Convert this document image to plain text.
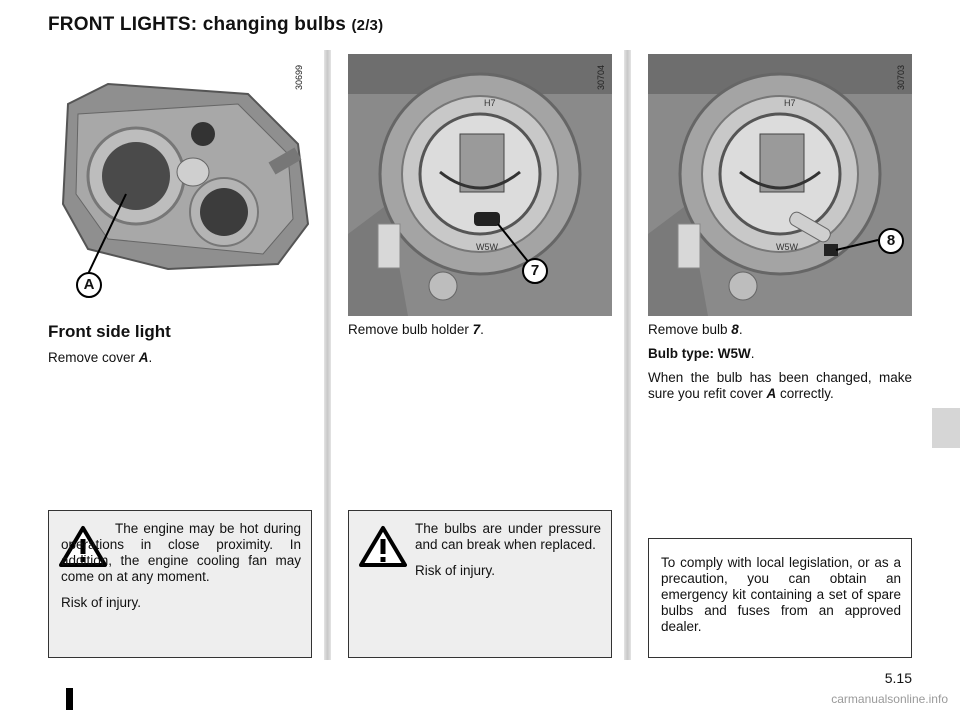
FRONT LIGHTS: changing bulbs (2/3)
A
30699
Front side light
Remove cover A.

The engine may be hot during operations in close proximity. In addition, the engine cooling fan may come on at any moment.

Risk of injury.

H7
W5W
7
30704
Remove bulb holder 7.

The bulbs are under pressure and can break when replaced.

Risk of injury.

H7
W5W	8
30703

Remove bulb 8.

Bulb type: W5W.

When the bulb has been changed, make sure you refit cover A correctly.

To comply with local legislation, or as a precaution, you can obtain an emergency kit containing a set of spare bulbs and fuses from an approved dealer.
5.15
carmanualsonline.info
